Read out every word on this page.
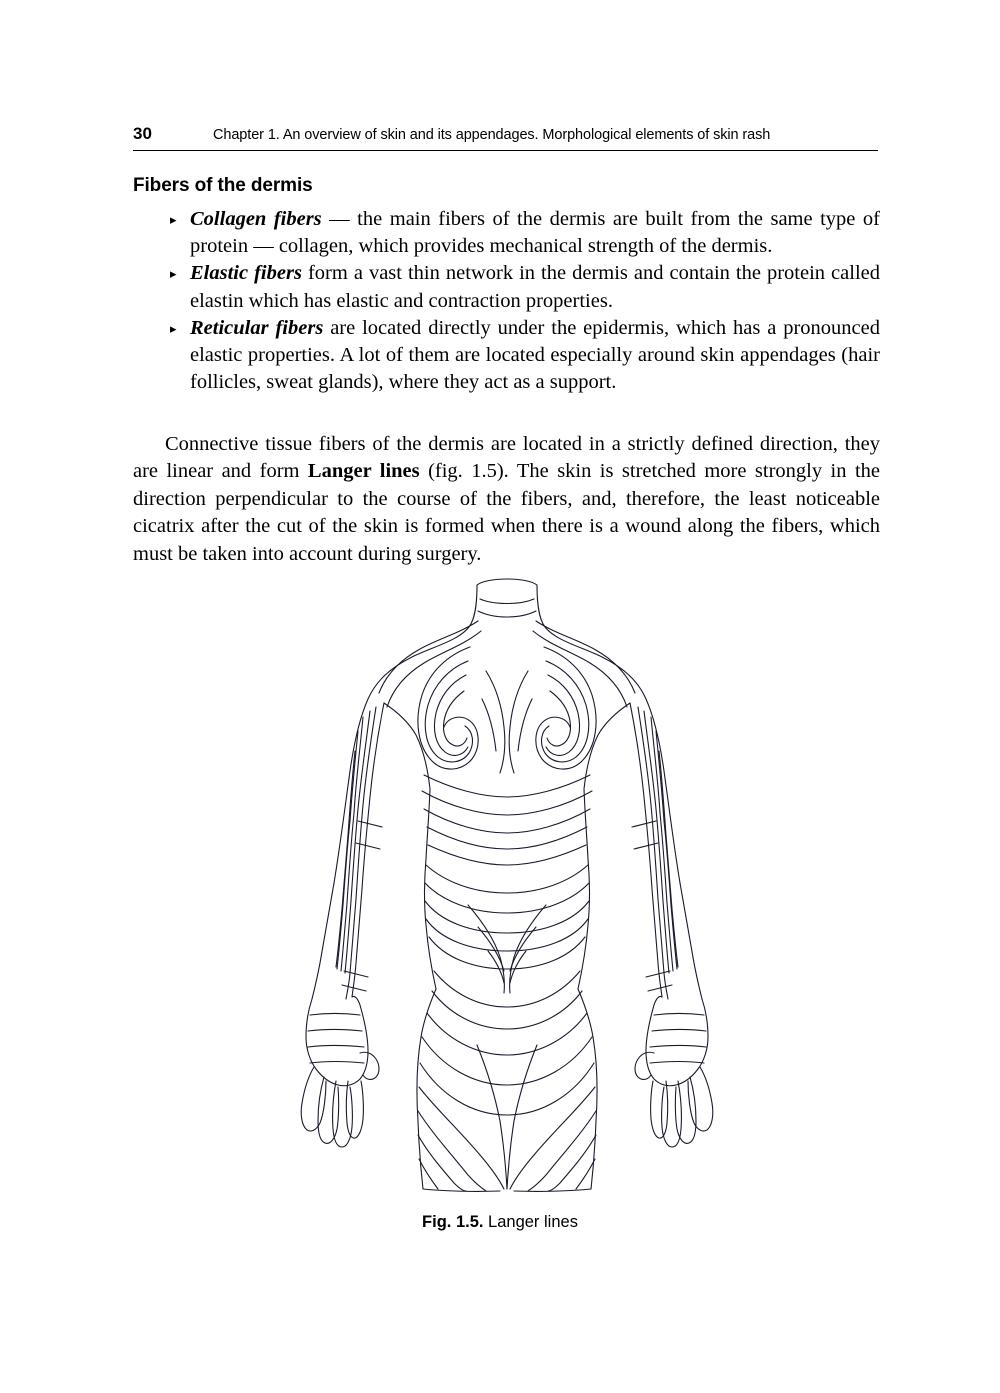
30	Chapter 1. An overview of skin and its appendages. Morphological elements of skin rash
Fibers of the dermis
▸ Collagen fibers — the main fibers of the dermis are built from the same type of protein — collagen, which provides mechanical strength of the dermis.
▸ Elastic fibers form a vast thin network in the dermis and contain the protein called elastin which has elastic and contraction properties.
▸ Reticular fibers are located directly under the epidermis, which has a pronounced elastic properties. A lot of them are located especially around skin appendages (hair follicles, sweat glands), where they act as a support.
Connective tissue fibers of the dermis are located in a strictly defined direction, they are linear and form Langer lines (fig. 1.5). The skin is stretched more strongly in the direction perpendicular to the course of the fibers, and, therefore, the least noticeable cicatrix after the cut of the skin is formed when there is a wound along the fibers, which must be taken into account during surgery.
Fig. 1.5. Langer lines
